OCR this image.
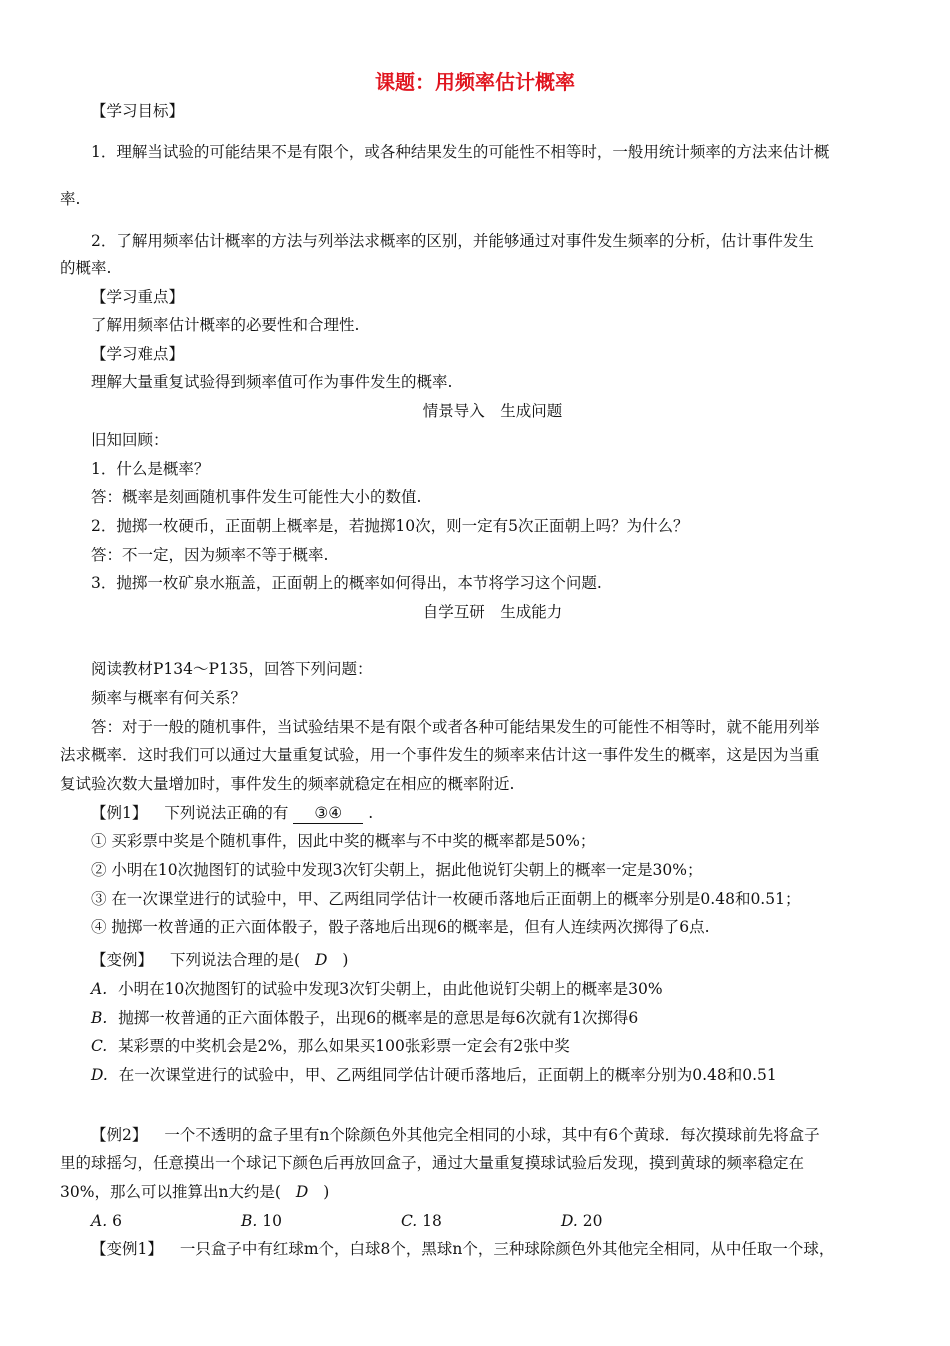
课题：用频率估计概率
【学习目标】
1．理解当试验的可能结果不是有限个，或各种结果发生的可能性不相等时，一般用统计频率的方法来估计概
率.
2．了解用频率估计概率的方法与列举法求概率的区别，并能够通过对事件发生频率的分析，估计事件发生
的概率.
【学习重点】
了解用频率估计概率的必要性和合理性.
【学习难点】
理解大量重复试验得到频率值可作为事件发生的概率.
情景导入　生成问题
旧知回顾：
1．什么是概率？
答：概率是刻画随机事件发生可能性大小的数值.
2．抛掷一枚硬币，正面朝上概率是，若抛掷10次，则一定有5次正面朝上吗？为什么？
答：不一定，因为频率不等于概率.
3．抛掷一枚矿泉水瓶盖，正面朝上的概率如何得出，本节将学习这个问题.
自学互研　生成能力
阅读教材P134～P135，回答下列问题：
频率与概率有何关系？
答：对于一般的随机事件，当试验结果不是有限个或者各种可能结果发生的可能性不相等时，就不能用列举
法求概率．这时我们可以通过大量重复试验，用一个事件发生的频率来估计这一事件发生的概率，这是因为当重
复试验次数大量增加时，事件发生的频率就稳定在相应的概率附近.
【例1】 下列说法正确的有 ③④ .
① 买彩票中奖是个随机事件，因此中奖的概率与不中奖的概率都是50%；
② 小明在10次抛图钉的试验中发现3次钉尖朝上，据此他说钉尖朝上的概率一定是30%；
③ 在一次课堂进行的试验中，甲、乙两组同学估计一枚硬币落地后正面朝上的概率分别是0.48和0.51；
④ 抛掷一枚普通的正六面体骰子，骰子落地后出现6的概率是，但有人连续两次掷得了6点.
【变例】 下列说法合理的是( D )
A. 小明在10次抛图钉的试验中发现3次钉尖朝上，由此他说钉尖朝上的概率是30%
B. 抛掷一枚普通的正六面体骰子，出现6的概率是的意思是每6次就有1次掷得6
C. 某彩票的中奖机会是2%，那么如果买100张彩票一定会有2张中奖
D. 在一次课堂进行的试验中，甲、乙两组同学估计硬币落地后，正面朝上的概率分别为0.48和0.51
【例2】 一个不透明的盒子里有n个除颜色外其他完全相同的小球，其中有6个黄球．每次摸球前先将盒子
里的球摇匀，任意摸出一个球记下颜色后再放回盒子，通过大量重复摸球试验后发现，摸到黄球的频率稳定在
30%，那么可以推算出n大约是( D )
A. 6	B. 10	C. 18	D. 20
【变例1】 一只盒子中有红球m个，白球8个，黑球n个，三种球除颜色外其他完全相同，从中任取一个球，
